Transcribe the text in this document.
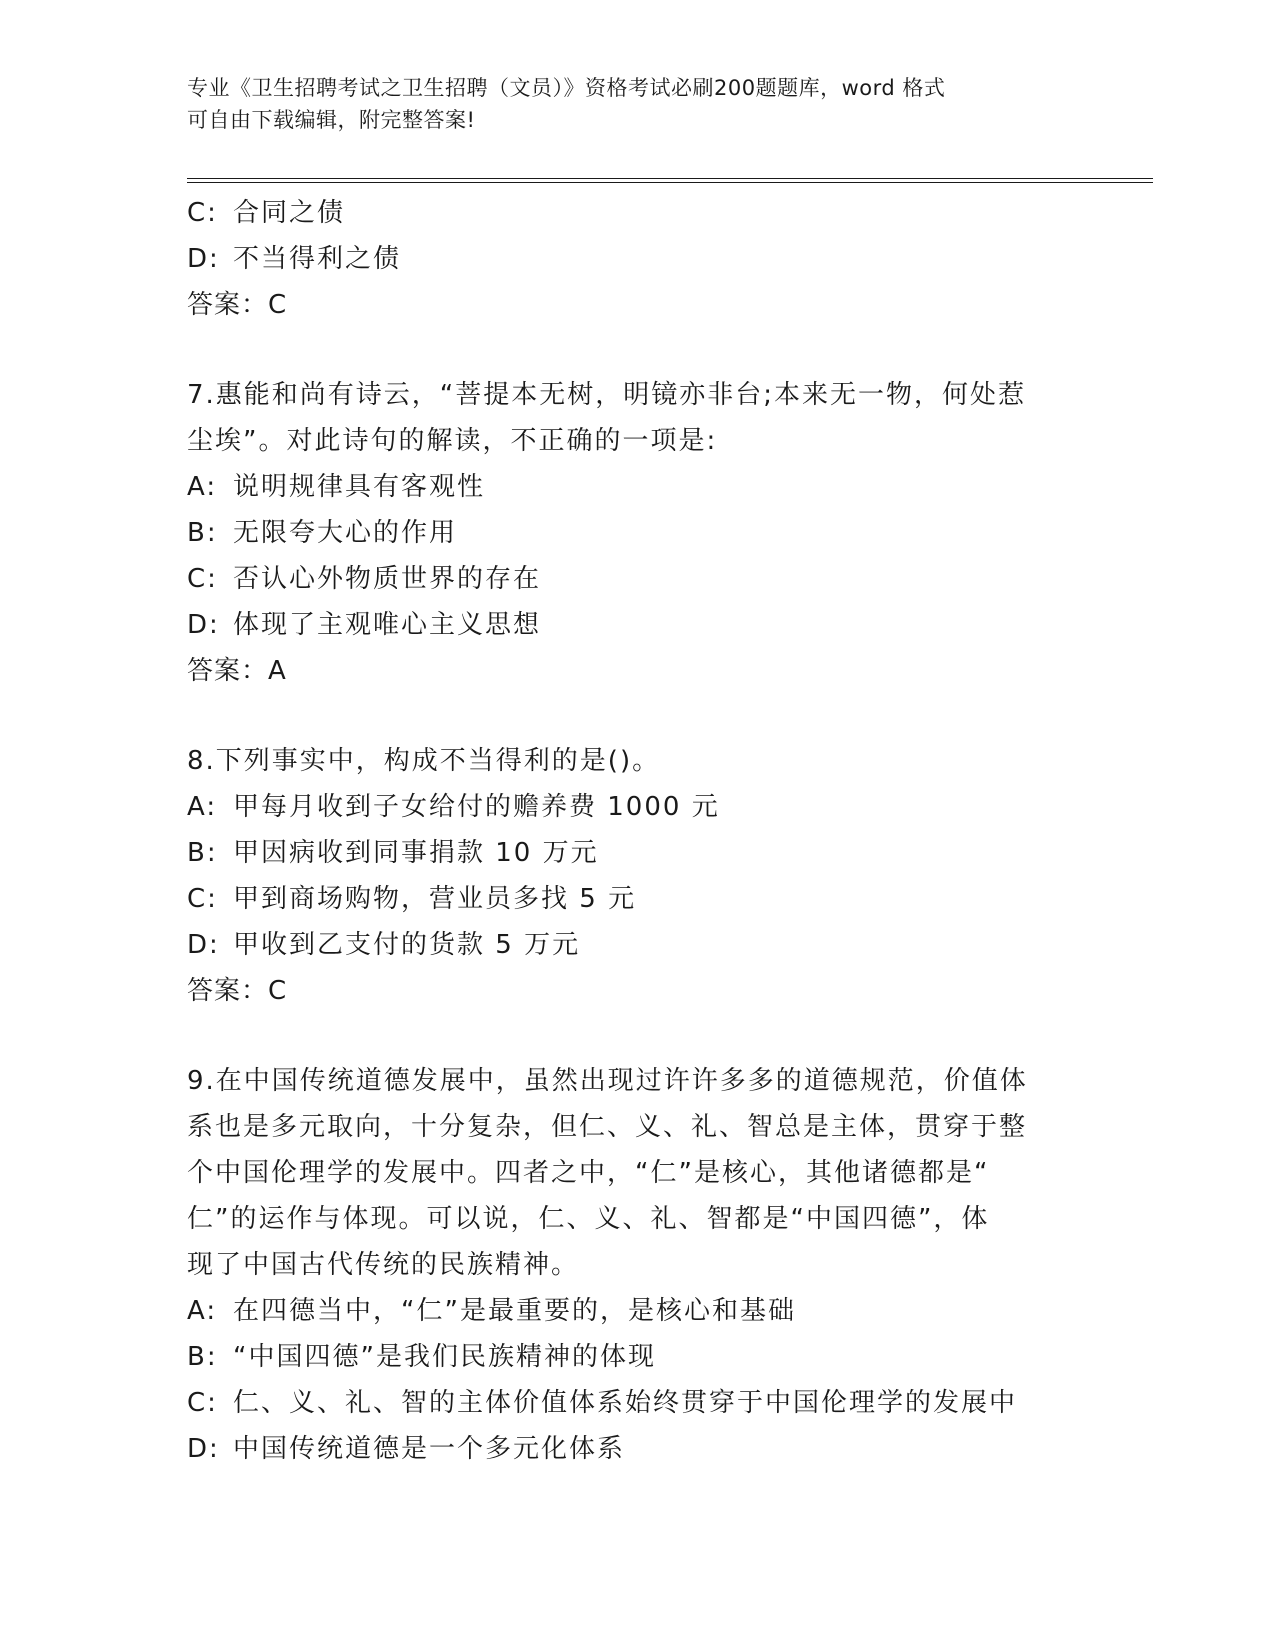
专业《卫生招聘考试之卫生招聘（文员）》资格考试必刷200题题库，word 格式
可自由下载编辑，附完整答案!
C: 合同之债
D: 不当得利之债
答案：C
7.惠能和尚有诗云，“菩提本无树，明镜亦非台;本来无一物，何处惹
尘埃”。对此诗句的解读，不正确的一项是:
A: 说明规律具有客观性
B: 无限夸大心的作用
C: 否认心外物质世界的存在
D: 体现了主观唯心主义思想
答案：A
8.下列事实中，构成不当得利的是()。
A: 甲每月收到子女给付的赡养费 1000 元
B: 甲因病收到同事捐款 10 万元
C: 甲到商场购物，营业员多找 5 元
D: 甲收到乙支付的货款 5 万元
答案：C
9.在中国传统道德发展中，虽然出现过许许多多的道德规范，价值体
系也是多元取向，十分复杂，但仁、义、礼、智总是主体，贯穿于整
个中国伦理学的发展中。四者之中，“仁”是核心，其他诸德都是“
仁”的运作与体现。可以说，仁、义、礼、智都是“中国四德”，体
现了中国古代传统的民族精神。
A: 在四德当中，“仁”是最重要的，是核心和基础
B: “中国四德”是我们民族精神的体现
C: 仁、义、礼、智的主体价值体系始终贯穿于中国伦理学的发展中
D: 中国传统道德是一个多元化体系
